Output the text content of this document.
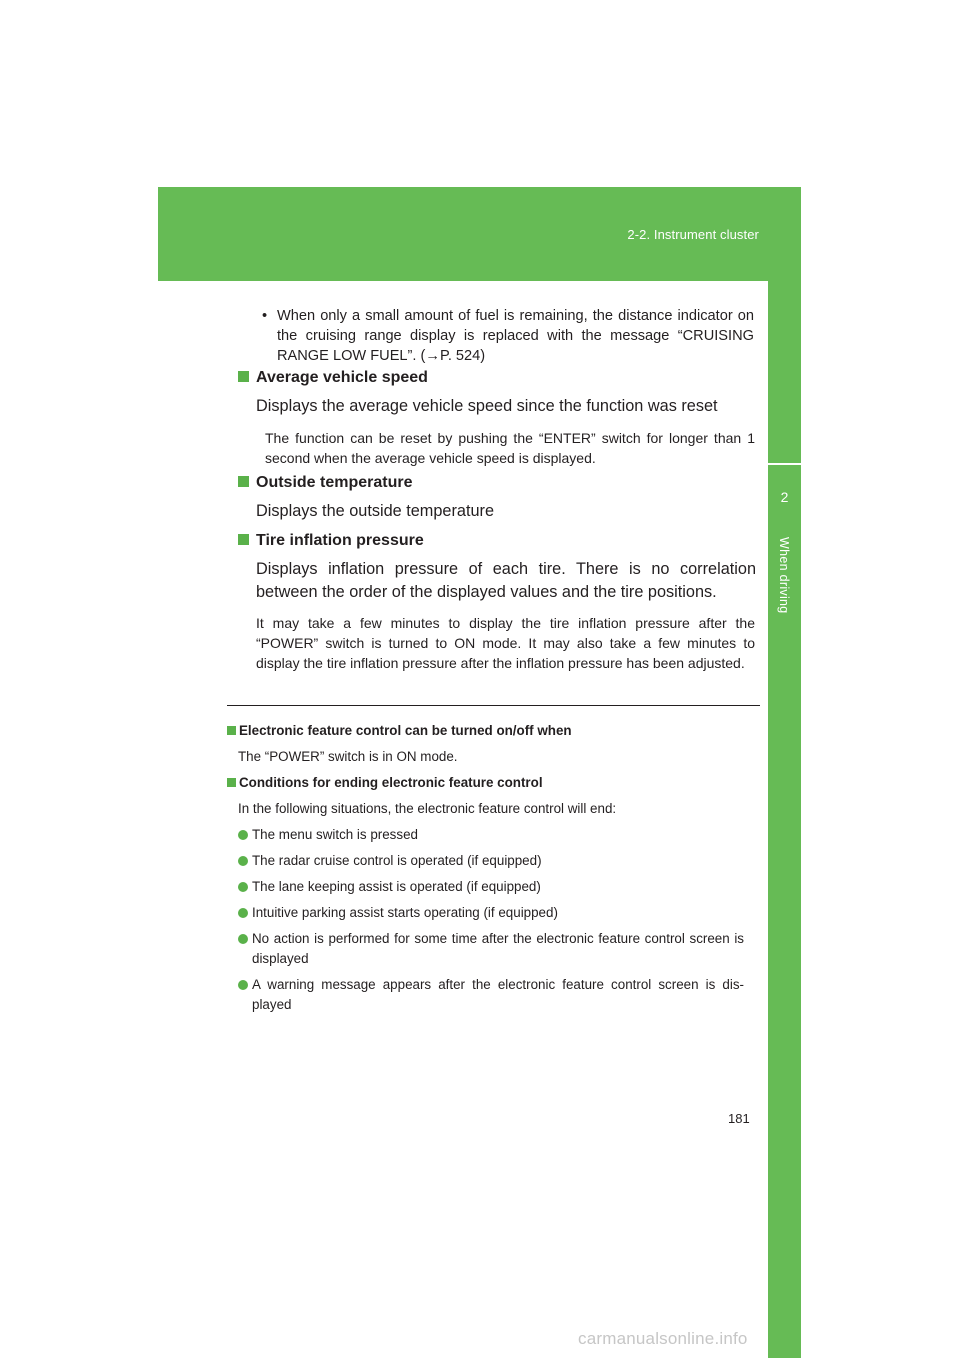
2-2. Instrument cluster
2
When driving
• When only a small amount of fuel is remaining, the distance indicator on the cruising range display is replaced with the message “CRUISING RANGE LOW FUEL”. (→P. 524)
Average vehicle speed
Displays the average vehicle speed since the function was reset
The function can be reset by pushing the “ENTER” switch for longer than 1 second when the average vehicle speed is displayed.
Outside temperature
Displays the outside temperature
Tire inflation pressure
Displays inflation pressure of each tire. There is no correlation between the order of the displayed values and the tire positions.
It may take a few minutes to display the tire inflation pressure after the “POWER” switch is turned to ON mode. It may also take a few minutes to display the tire inflation pressure after the inflation pressure has been adjusted.
Electronic feature control can be turned on/off when
The “POWER” switch is in ON mode.
Conditions for ending electronic feature control
In the following situations, the electronic feature control will end:
The menu switch is pressed
The radar cruise control is operated (if equipped)
The lane keeping assist is operated (if equipped)
Intuitive parking assist starts operating (if equipped)
No action is performed for some time after the electronic feature control screen is displayed
A warning message appears after the electronic feature control screen is dis-played
181
carmanualsonline.info
